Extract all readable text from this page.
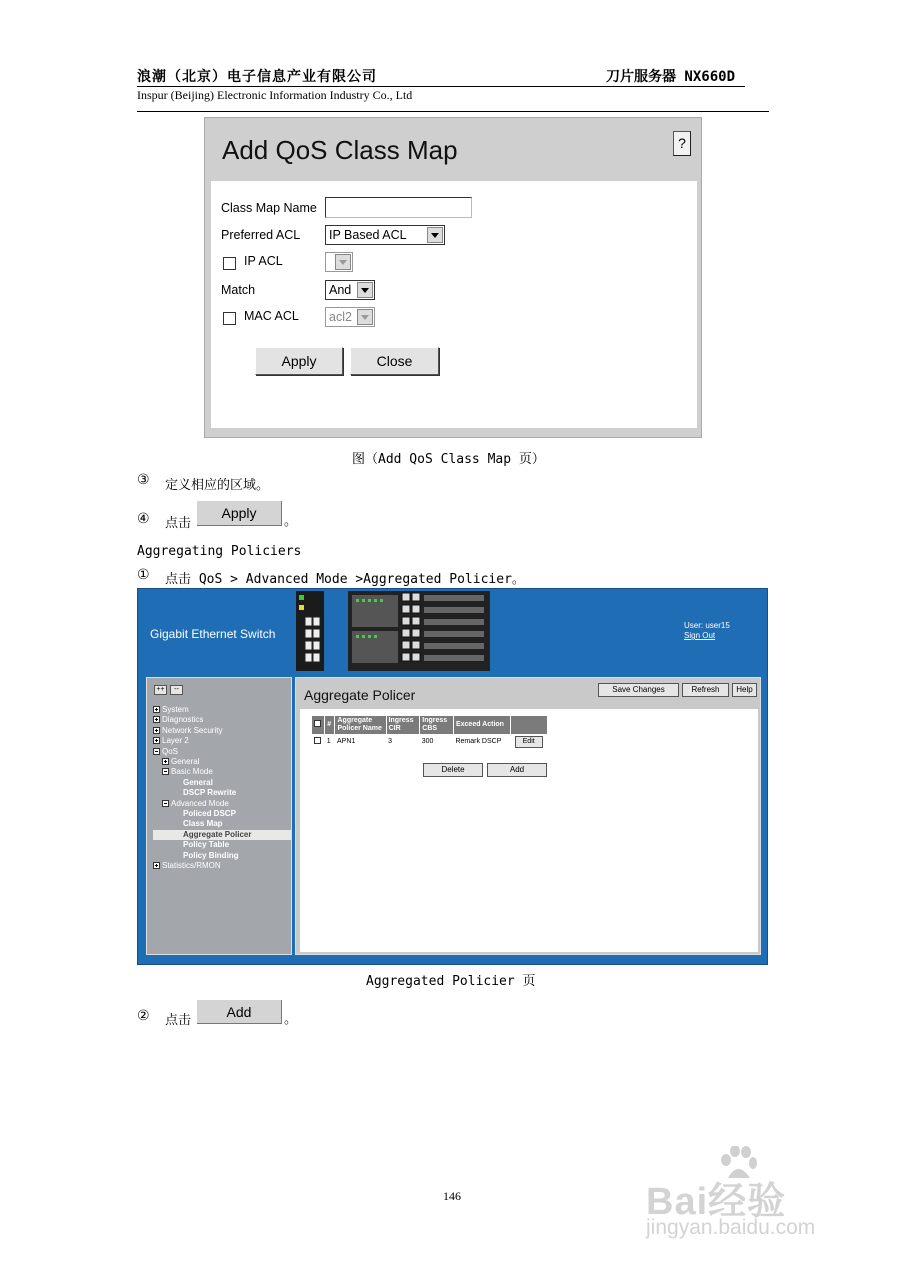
浪潮（北京）电子信息产业有限公司	刀片服务器 NX660D
Inspur (Beijing) Electronic Information Industry Co., Ltd
Add QoS Class Map	?
Class Map Name
Preferred ACL	IP Based ACL
IP ACL
Match	And
MAC ACL	acl2
Apply	Close
图（Add QoS Class Map 页）
③ 定义相应的区域。
④ 点击
Apply
。
Aggregating Policiers
① 点击 QoS > Advanced Mode >Aggregated Policier。
Gigabit Ethernet Switch
User: user15
Sign Out
++	--
System
Diagnostics
Network Security
Layer 2
QoS
General
Basic Mode
General
DSCP Rewrite
Advanced Mode
Policed DSCP
Class Map
Aggregate Policer
Policy Table
Policy Binding
Statistics/RMON
Aggregate Policer	Save Changes	Refresh	Help
	#	Aggregate Policer Name	Ingress CIR	Ingress CBS	Exceed Action	
	1	APN1	3	300	Remark DSCP	Edit
Delete	Add
Aggregated Policier 页
② 点击
Add	。
146	Bai经验
jingyan.baidu.com
